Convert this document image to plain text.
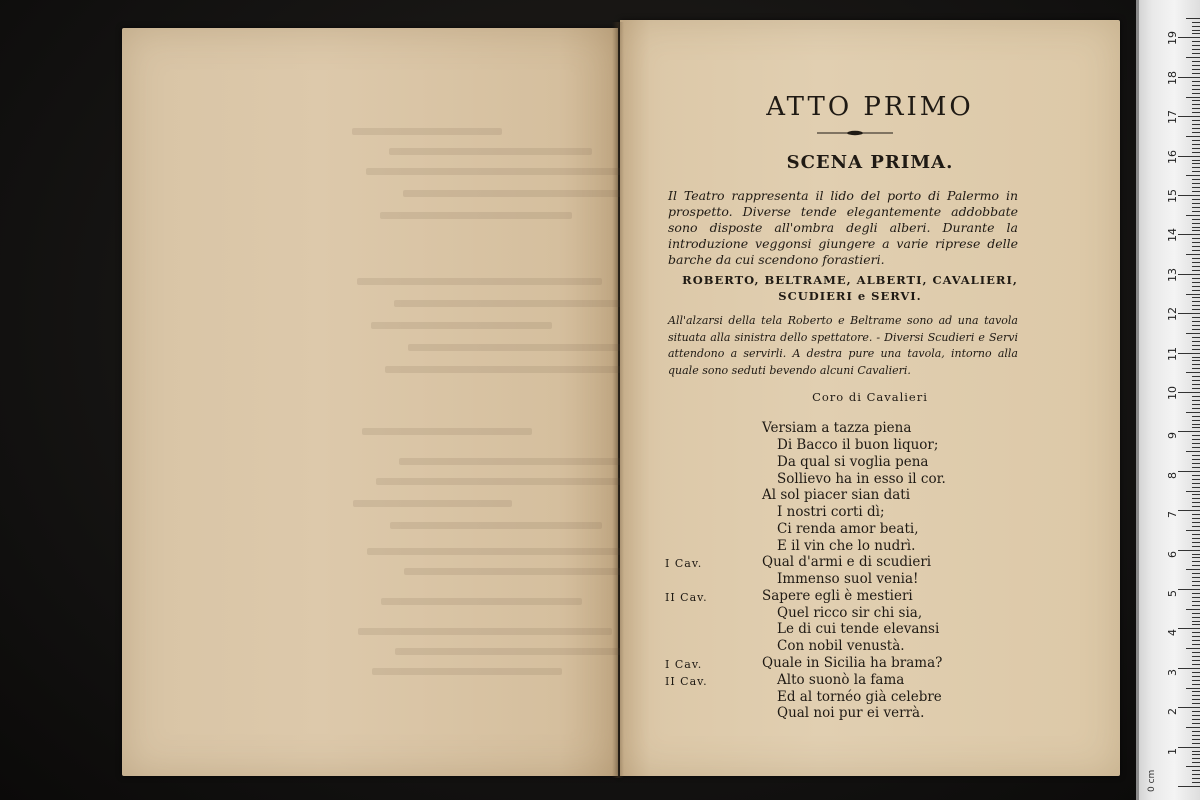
ATTO PRIMO
SCENA PRIMA.
Il Teatro rappresenta il lido del porto di Palermo in prospetto. Diverse tende elegantemente addobbate sono disposte all'ombra degli alberi. Durante la introduzione veggonsi giungere a varie riprese delle barche da cui scendono forastieri.
ROBERTO, BELTRAME, ALBERTI, CAVALIERI,
SCUDIERI e SERVI.
All'alzarsi della tela Roberto e Beltrame sono ad una tavola situata alla sinistra dello spettatore. - Diversi Scudieri e Servi attendono a servirli. A destra pure una tavola, intorno alla quale sono seduti bevendo alcuni Cavalieri.
Coro di Cavalieri
Versiam a tazza piena
Di Bacco il buon liquor;
Da qual si voglia pena
Sollievo ha in esso il cor.
Al sol piacer sian dati
I nostri corti dì;
Ci renda amor beati,
E il vin che lo nudrì.
Qual d'armi e di scudieri
Immenso suol venia!
Sapere egli è mestieri
Quel ricco sir chi sia,
Le di cui tende elevansi
Con nobil venustà.
Quale in Sicilia ha brama?
Alto suonò la fama
Ed al tornéo già celebre
Qual noi pur ei verrà.
I Cav.
II Cav.
I Cav.
II Cav.
0 cm
1
2
3
4
5
6
7
8
9
10
11
12
13
14
15
16
17
18
19
